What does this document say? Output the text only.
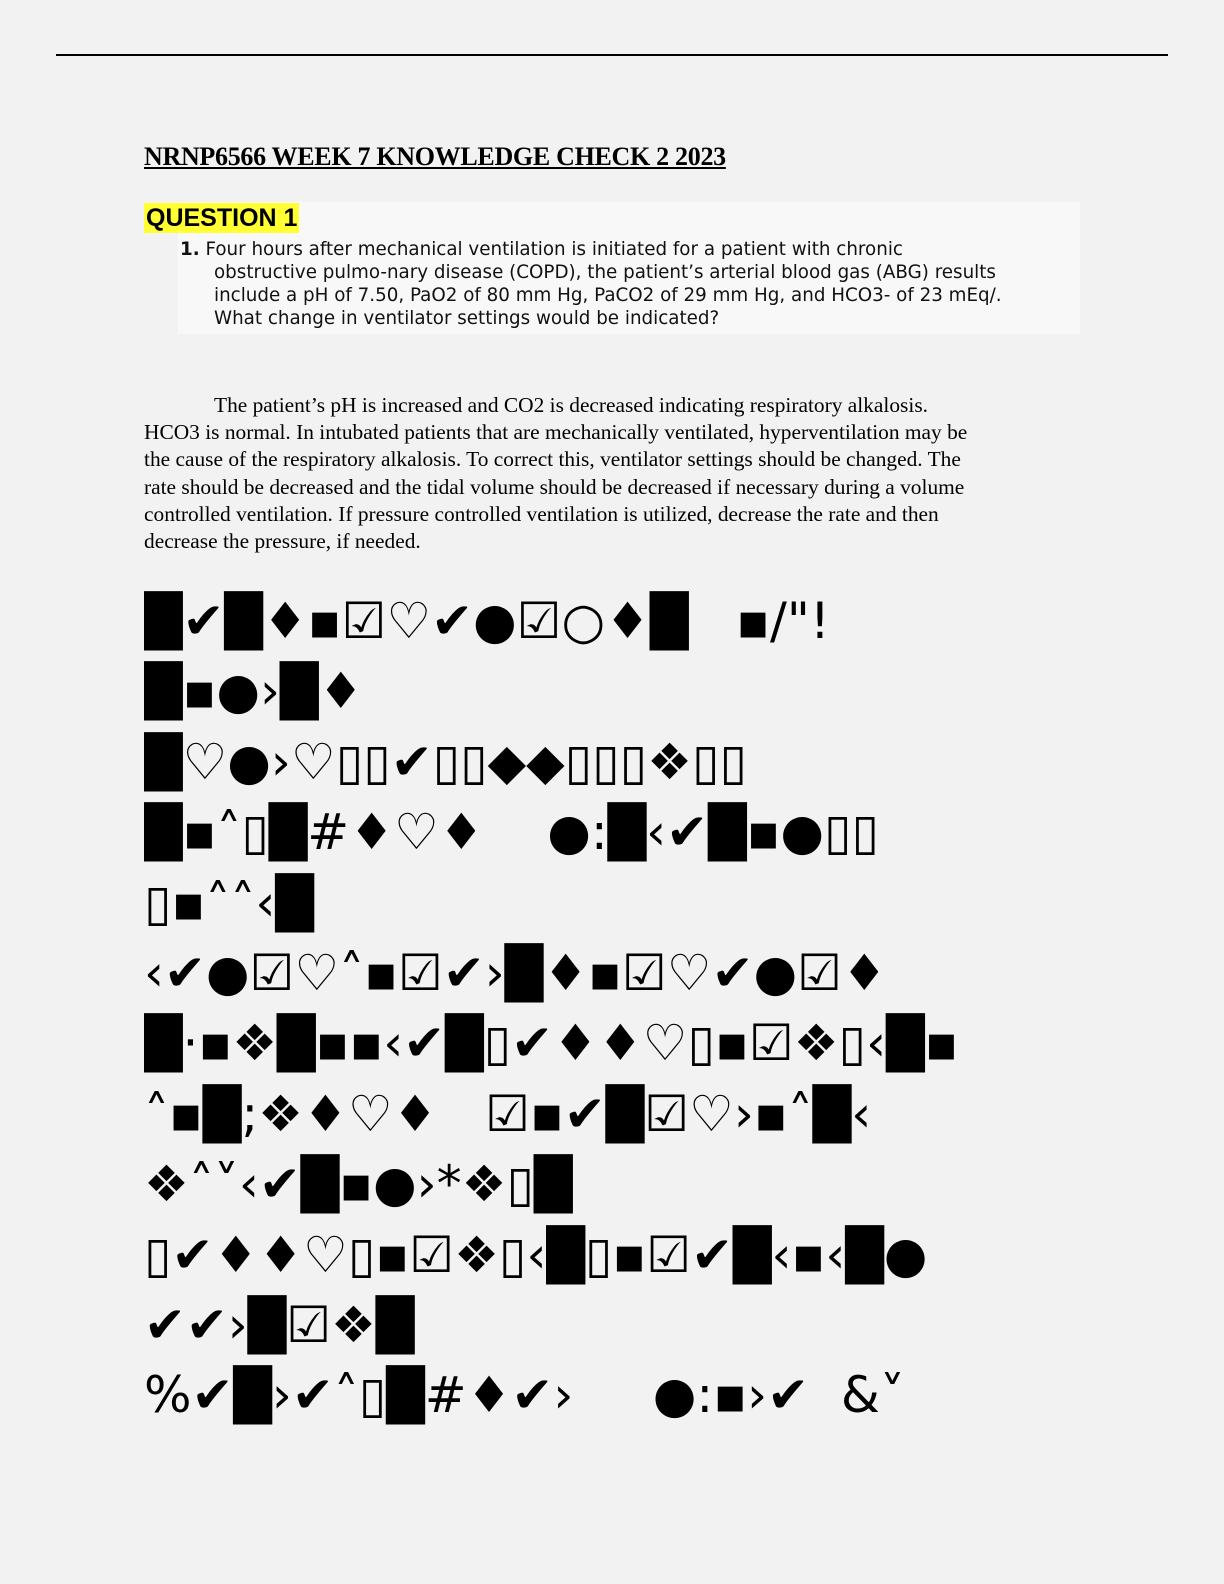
NRNP6566 WEEK 7 KNOWLEDGE CHECK 2 2023
QUESTION 1

1. Four hours after mechanical ventilation is initiated for a patient with chronic
obstructive pulmo-nary disease (COPD), the patient’s arterial blood gas (ABG) results
include a pH of 7.50, PaO2 of 80 mm Hg, PaCO2 of 29 mm Hg, and HCO3- of 23 mEq/.
What change in ventilator settings would be indicated?

The patient’s pH is increased and CO2 is decreased indicating respiratory alkalosis.
HCO3 is normal. In intubated patients that are mechanically ventilated, hyperventilation may be
the cause of the respiratory alkalosis. To correct this, ventilator settings should be changed. The
rate should be decreased and the tidal volume should be decreased if necessary during a volume
controlled ventilation. If pressure controlled ventilation is utilized, decrease the rate and then
decrease the pressure, if needed.

█✔█♦▪☑♡✔●☑○♦█   ▪/"!
█▪●›█♦
█♡●›♡▯▯✔▯▯◆◆▯▯▯❖▯▯
█▪˄▯█#♦♡♦    ●:█‹✔█▪●▯▯
▯▪˄˄‹█
‹✔●☑♡˄▪☑✔›█♦▪☑♡✔●☑♦
█·▪❖█▪▪‹✔█▯✔♦♦♡▯▪☑❖▯‹█▪
˄▪█;❖♦♡♦   ☑▪✔█☑♡›▪˄█‹
❖˄˅‹✔█▪●›*❖▯█
▯✔♦♦♡▯▪☑❖▯‹█▯▪☑✔█‹▪‹█●
✔✔›█☑❖█
%✔█›✔˄▯█#♦✔›     ●:▪›✔  &˅
